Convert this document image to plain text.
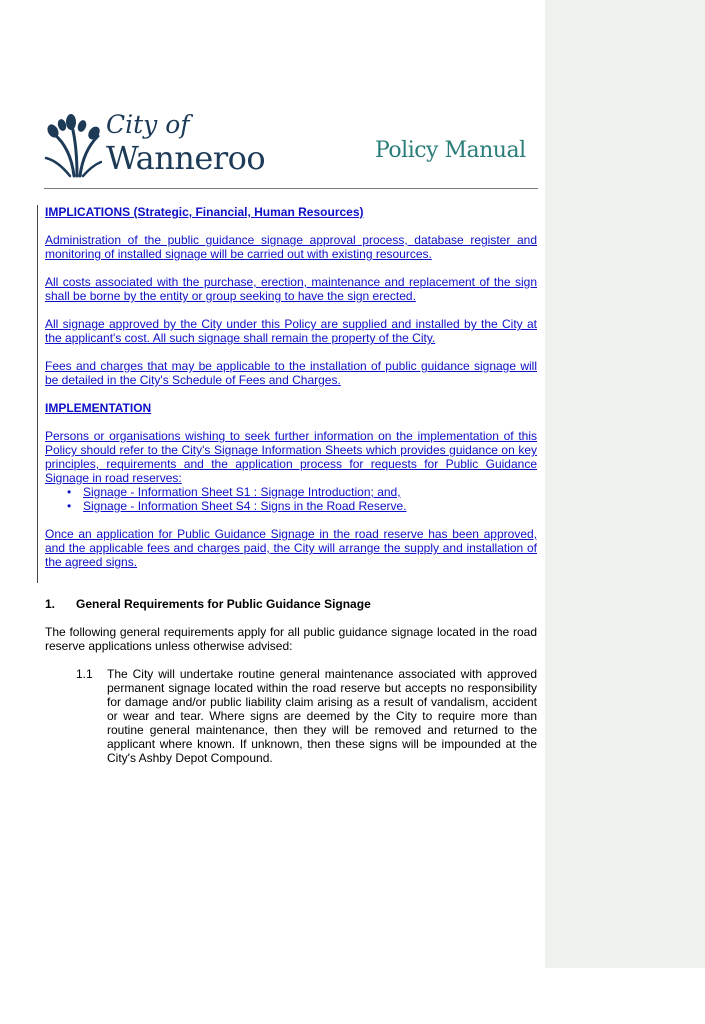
City of
Wanneroo	Policy Manual

IMPLICATIONS (Strategic, Financial, Human Resources)

Administration of the public guidance signage approval process, database register and monitoring of installed signage will be carried out with existing resources.

All costs associated with the purchase, erection, maintenance and replacement of the sign shall be borne by the entity or group seeking to have the sign erected.

All signage approved by the City under this Policy are supplied and installed by the City at the applicant's cost. All such signage shall remain the property of the City.

Fees and charges that may be applicable to the installation of public guidance signage will be detailed in the City's Schedule of Fees and Charges.

IMPLEMENTATION

Persons or organisations wishing to seek further information on the implementation of this Policy should refer to the City's Signage Information Sheets which provides guidance on key principles, requirements and the application process for requests for Public Guidance Signage in road reserves:

• Signage - Information Sheet S1 : Signage Introduction; and,
• Signage - Information Sheet S4 : Signs in the Road Reserve.

Once an application for Public Guidance Signage in the road reserve has been approved, and the applicable fees and charges paid, the City will arrange the supply and installation of the agreed signs.

1.	General Requirements for Public Guidance Signage

The following general requirements apply for all public guidance signage located in the road reserve applications unless otherwise advised:

1.1	The City will undertake routine general maintenance associated with approved permanent signage located within the road reserve but accepts no responsibility for damage and/or public liability claim arising as a result of vandalism, accident or wear and tear. Where signs are deemed by the City to require more than routine general maintenance, then they will be removed and returned to the applicant where known. If unknown, then these signs will be impounded at the City's Ashby Depot Compound.
